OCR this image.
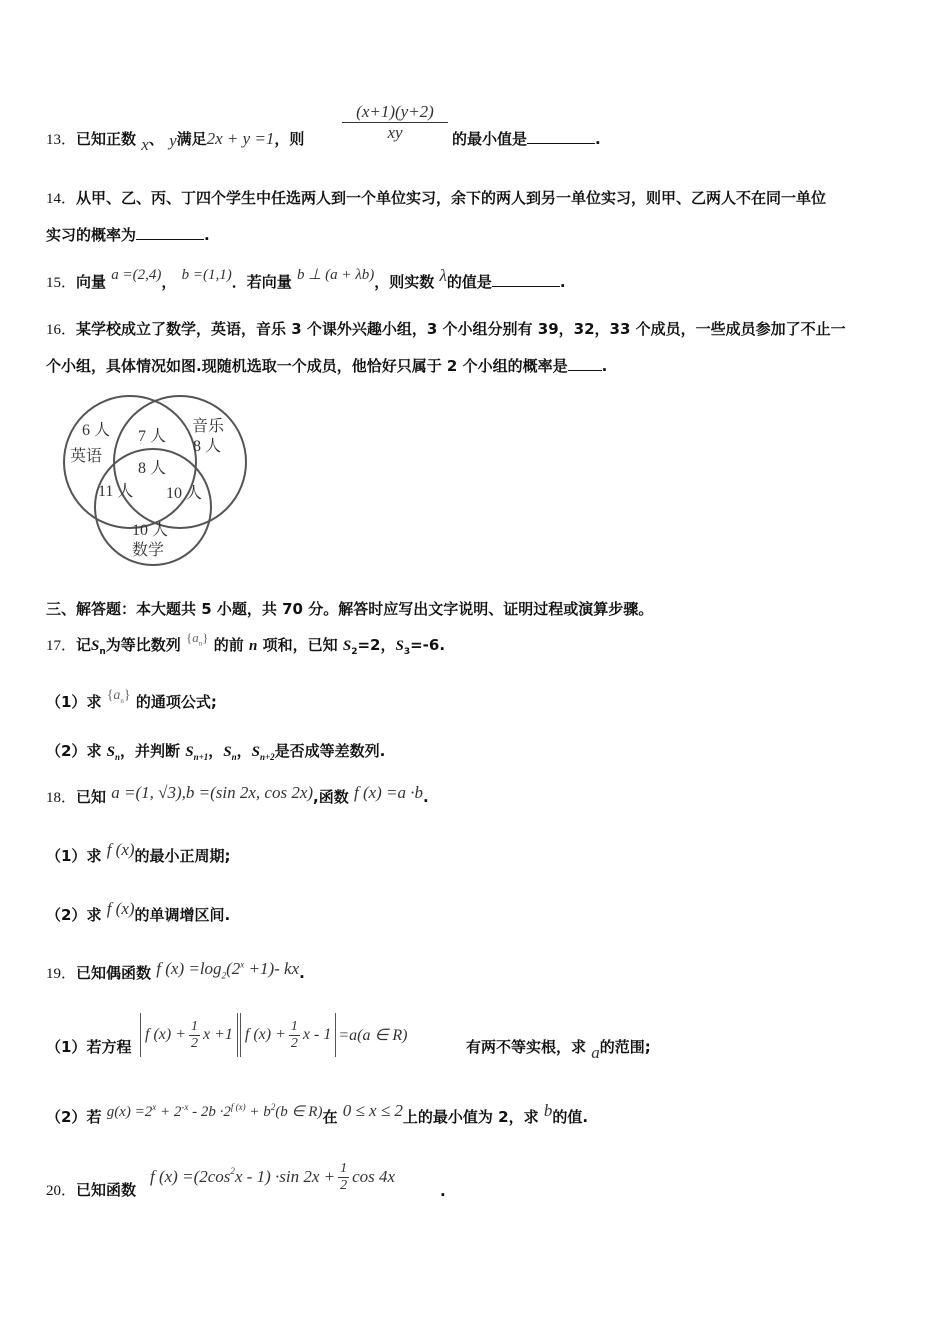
13．已知正数 x、 y满足2x + y =1，则 $\frac{(x+1)(y+2)}{xy}$ 的最小值是	.
14．从甲、乙、丙、丁四个学生中任选两人到一个单位实习，余下的两人到另一单位实习，则甲、乙两人不在同一单位
实习的概率为	.
15．向量 a =(2,4)， b =(1,1)．若向量 b ⊥ (a + λb)，则实数 λ的值是	.
16．某学校成立了数学，英语，音乐 3 个课外兴趣小组，3 个小组分别有 39，32，33 个成员，一些成员参加了不止一
个小组，具体情况如图.现随机选取一个成员，他恰好只属于 2 个小组的概率是 .
6 人
英语
音乐
8 人
7 人
8 人
11 人 10 人
10 人
数学
三、解答题：本大题共 5 小题，共 70 分。解答时应写出文字说明、证明过程或演算步骤。
17．记$S_n$为等比数列 $\{a_n\}$ 的前 n 项和，已知 $S_2=2$，$S_3=-6$.
（1）求 $\{a_n\}$ 的通项公式;
（2）求 $S_n$，并判断 $S_{n+1}$，$S_n$，$S_{n+2}$是否成等差数列.
18．已知 a =(1, √3),b =(sin 2x, cos 2x),函数 f (x) =a ·b.
（1）求 f (x)的最小正周期;
（2）求 f (x)的单调增区间.
19．已知偶函数 f $(x) =\log_2(2^x +1)-$ kx.
（1）若方程
f $(x) + \frac{1}{2}$ x +1 f $(x) + \frac{1}{2}$ x - 1 =a(a ∈ R)
有两不等实根，求 a的范围;
（2）若 $g(x) =2^x + 2^{-x} - 2b \cdot 2^{f (x)} + b^2(b$ ∈ R)在 0 ≤ x ≤ 2上的最小值为 2，求 b的值.
20．已知函数
f $(x) =(2\cos^2$ x - 1) ·sin $2x + \frac{1}{2}$ cos 4x
.
